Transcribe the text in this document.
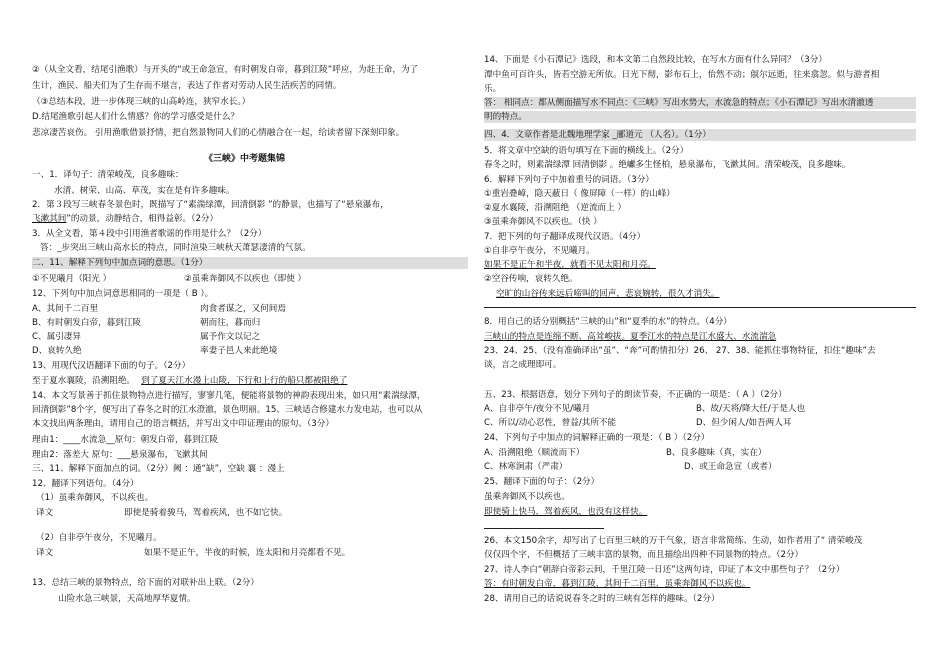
②（从全文看，结尾引渔歌）与开头的“或王命急宣，有时朝发白帝，暮到江陵”呼应，为赶王命，为了
生计，渔民、船夫们为了生存而不堪言，表达了作者对劳动人民生活疾苦的同情。
（③总结本段，进一步体现三峡的山高岭连，狭窄水长。）
D.结尾渔歌引起人们什么情感？你的学习感受是什么？
悲凉凄苦哀伤。 引用渔歌借景抒情，把自然景物同人们的心情融合在一起，给读者留下深刻印象。
《三峡》中考题集锦
一、1．译句子：清荣峻茂，良多趣味：
水清、树荣、山高、草茂，实在是有许多趣味。
2．第３段写三峡春冬景色时，既描写了“素湍绿潭，回清倒影 ”的静景，也描写了“悬泉瀑布，
飞漱其间”的动景，动静结合，相得益彰。（2分）
3．从全文看，第４段中引用渔者歌谣的作用是什么？（2分）
答：_步突出三峡山高水长的特点，同时渲染三峡秋天萧瑟凄清的气氛。
二、11、解释下列句中加点词的意思。（1分）
①不见曦月（阳光 ）	②虽乘奔御风不以疾也（即使 ）
12、下列句中加点词意思相同的一项是（ B ）。
A、其间千二百里	肉食者谋之，又何间焉
B、有时朝发白帝，暮到江陵	朝而往，暮而归
C、属引凄异	属予作文以记之
D、哀转久绝	率妻子邑人来此绝境
13、用现代汉语翻译下面的句子。（2分）
至于夏水襄陵，沿溯阻绝。 到了夏天江水漫上山陵，下行和上行的船只都被阻绝了
14、本文写景善于抓住景物特点进行描写，寥寥几笔，便能将景物的神韵表现出来，如只用“素湍绿潭，
回清倒影”8个字，便写出了春冬之时的江水澄澈，景色明丽。15、三峡适合修建水力发电站，也可以从
本文找出两条理由，请用自己的语言概括，并写出文中印证理由的原句。（3分）
理由1：____水流急__原句：朝发白帝，暮到江陵
理由2：落差大 原句：___悬泉瀑布，飞漱其间
三、11、解释下面加点的词。（2分）阙 ：通“缺”，空缺 襄 ：漫上
12、翻译下列语句。（4分）
（1）虽乘奔御风，不以疾也。
译文	即使是骑着骏马，驾着疾风，也不如它快。
（2）自非亭午夜分，不见曦月。
译文	如果不是正午，半夜的时候，连太阳和月亮都看不见。
13、总结三峡的景物特点，给下面的对联补出上联。（2分）
山险水急三峡景，天高地厚华夏情。
14、下面是《小石潭记》选段，和本文第二自然段比较，在写水方面有什么异同？（3分）
潭中鱼可百许头，皆若空游无所依。日光下彻，影布石上，佁然不动；俶尔远逝，往来翕忽。似与游者相
乐。
答： 相同点：都从侧面描写水不同点：《三峡》写出水势大，水流急的特点；《小石潭记》写出水清澈透
明的特点。
四、4．文章作者是北魏地理学家 _郦道元 （人名）。（1分）
5．将文章中空缺的语句填写在下面的横线上。（2分）
春冬之时，则素湍绿潭 回清倒影 。绝巘多生怪柏，悬泉瀑布，飞漱其间。清荣峻茂，良多趣味。
6．解释下列句子中加着重号的词语。（3分）
①重岩叠嶂，隐天蔽日（ 像屏障（一样）的山峰）
②夏水襄陵，沿溯阻绝 （逆流而上 ）
③虽乘奔御风不以疾也。（快 ）
7．把下列的句子翻译成现代汉语。（4分）
①自非亭午夜分，不见曦月。
如果不是正午和半夜，就看不见太阳和月亮。
②空谷传响，哀转久绝。
空旷的山谷传来远后啼叫的回声，悲哀婉转，很久才消失。
8．用自己的话分别概括“三峡的山”和“夏季的水”的特点。（4分）
三峡山的特点是连绵不断、高耸峻拔。夏季江水的特点是江水盛大、水流湍急
23、24、25、（没有准确译出“虽”、“奔”可酌情扣分）26、 27、38、能抓住事物特征，扣住“趣味”去
谈，言之成理即可。
五、23、根据语意，划分下列句子的朗读节奏，不正确的一项是：（ A ）（2分）
A、自非亭午/夜分不见/曦月	B、故/天将/降大任/于是人也
C、所以/动心忍性，曾益/其所不能	D、但少闲人/如吾两人耳
24、下列句子中加点的词解释正确的一项是：（ B ）（2分）
A、沿溯阻绝（顺流而下）	B、良多趣味（真，实在）
C、林寒涧肃（严肃）	D、或王命急宣（或者）
25、翻译下面的句子：（2分）
虽乘奔御风不以疾也。
即使骑上快马，驾着疾风，也没有这样快。
26、本文150余字，却写出了七百里三峡的万千气象，语言非常简练、生动，如作者用了“ 清荣峻茂
仅仅四个字，不但概括了三峡丰富的景物，而且描绘出四种不同景物的特点。（2分）
27、诗人李白“朝辞白帝彩云间，千里江陵一日还”这两句诗，印证了本文中那些句子？（2分）
答：有时朝发白帝，暮到江陵，其间千二百里，虽乘奔御风不以疾也。
28、请用自己的话说说春冬之时的三峡有怎样的趣味。（2分）
